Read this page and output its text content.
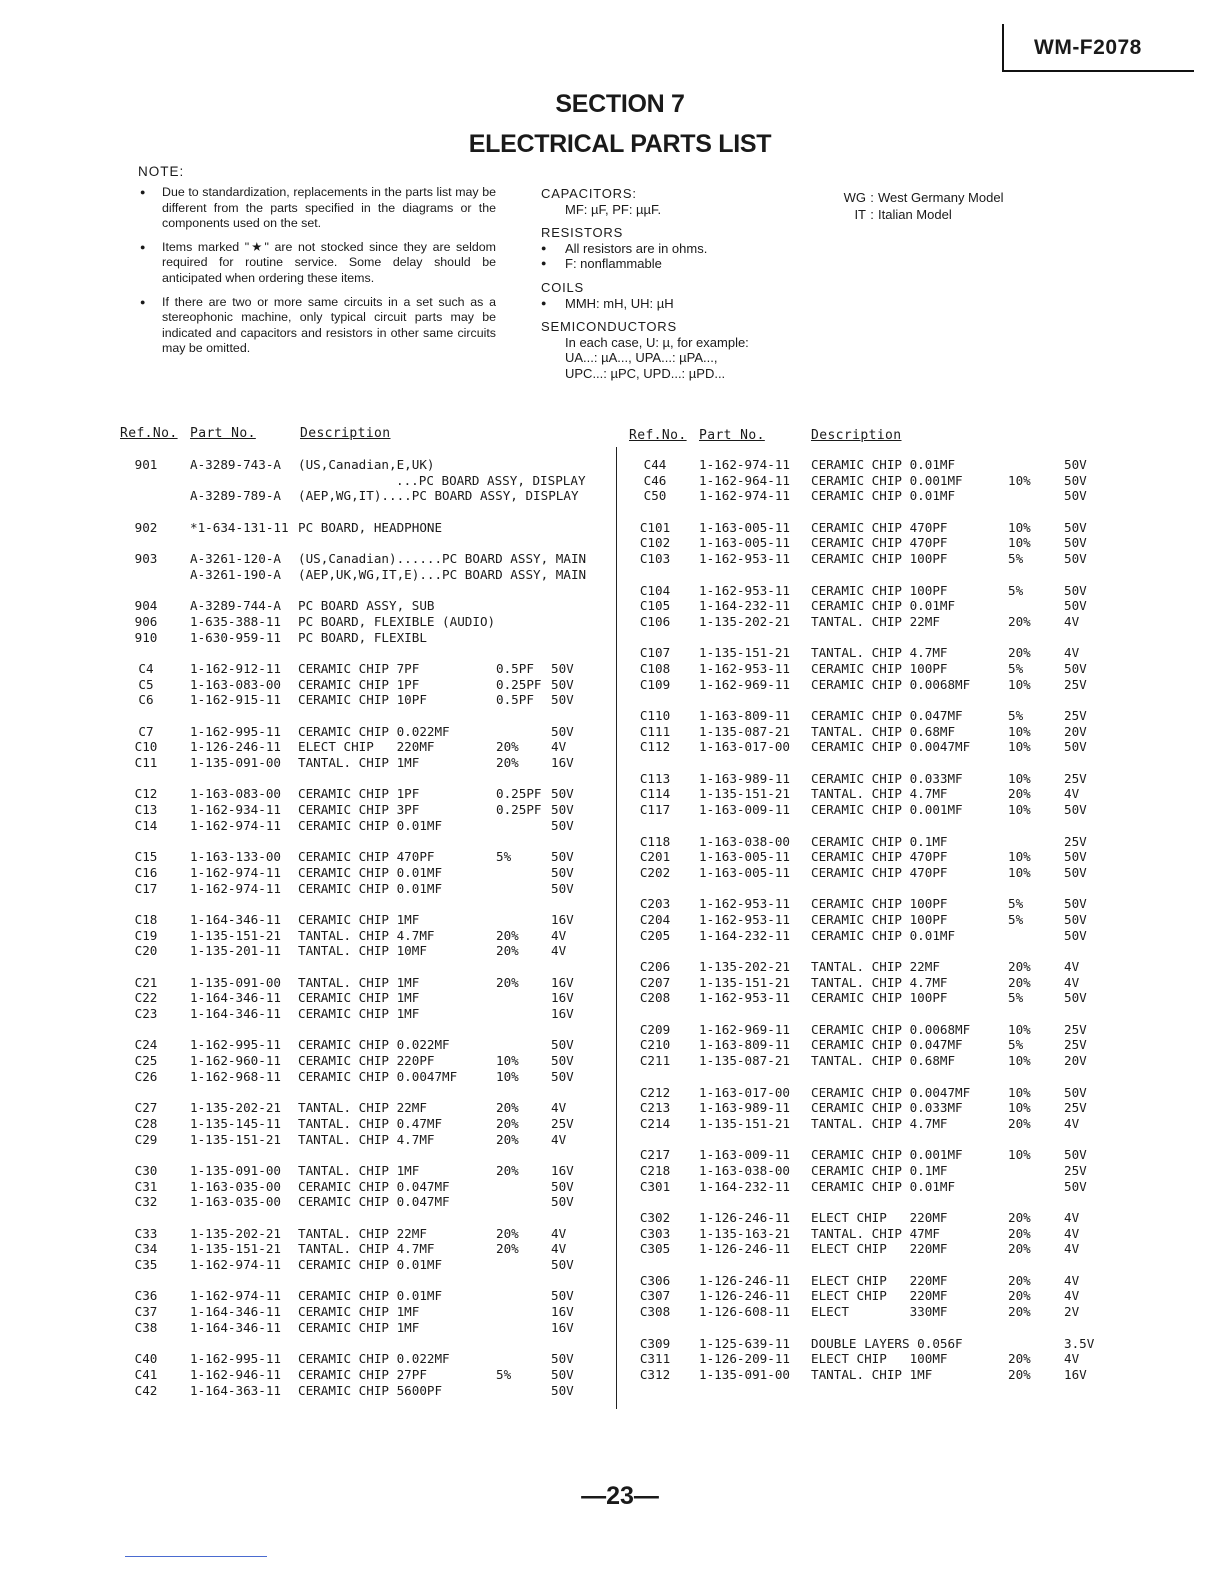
WM-F2078
SECTION 7
ELECTRICAL PARTS LIST
NOTE:
● Due to standardization, replacements in the parts list may be different from the parts specified in the diagrams or the components used on the set.
● Items marked "★" are not stocked since they are seldom required for routine service. Some delay should be anticipated when ordering these items.
● If there are two or more same circuits in a set such as a stereophonic machine, only typical circuit parts may be indicated and capacitors and resistors in other same circuits may be omitted.
CAPACITORS:
MF: µF, PF: µµF.
RESISTORS
● All resistors are in ohms.
● F: nonflammable
COILS
● MMH: mH, UH: µH
SEMICONDUCTORS
In each case, U: µ, for example:
UA...: µA..., UPA...: µPA...,
UPC...: µPC, UPD...: µPD...
WG : West Germany Model
IT : Italian Model
Ref.No. Part No.	Description	Ref.No. Part No.	Description
901	A-3289-743-A (US,Canadian,E,UK)
...PC BOARD ASSY, DISPLAY
A-3289-789-A (AEP,WG,IT)....PC BOARD ASSY, DISPLAY
902	*1-634-131-11 PC BOARD, HEADPHONE
903	A-3261-120-A (US,Canadian)......PC BOARD ASSY, MAIN
A-3261-190-A (AEP,UK,WG,IT,E)...PC BOARD ASSY, MAIN
904	A-3289-744-A PC BOARD ASSY, SUB
906	1-635-388-11 PC BOARD, FLEXIBLE (AUDIO)
910	1-630-959-11 PC BOARD, FLEXIBL
C4	1-162-912-11 CERAMIC CHIP 7PF	0.5PF 50V
C5	1-163-083-00 CERAMIC CHIP 1PF	0.25PF 50V
C6	1-162-915-11 CERAMIC CHIP 10PF	0.5PF 50V
C7	1-162-995-11 CERAMIC CHIP 0.022MF	50V
C10	1-126-246-11 ELECT CHIP   220MF	20%	4V
C11	1-135-091-00 TANTAL. CHIP 1MF	20%	16V
C12	1-163-083-00 CERAMIC CHIP 1PF	0.25PF 50V
C13	1-162-934-11 CERAMIC CHIP 3PF	0.25PF 50V
C14	1-162-974-11 CERAMIC CHIP 0.01MF	50V
C15	1-163-133-00 CERAMIC CHIP 470PF	5%	50V
C16	1-162-974-11 CERAMIC CHIP 0.01MF	50V
C17	1-162-974-11 CERAMIC CHIP 0.01MF	50V
C18	1-164-346-11 CERAMIC CHIP 1MF	16V
C19	1-135-151-21 TANTAL. CHIP 4.7MF	20%	4V
C20	1-135-201-11 TANTAL. CHIP 10MF	20%	4V
C21	1-135-091-00 TANTAL. CHIP 1MF	20%	16V
C22	1-164-346-11 CERAMIC CHIP 1MF	16V
C23	1-164-346-11 CERAMIC CHIP 1MF	16V
C24	1-162-995-11 CERAMIC CHIP 0.022MF	50V
C25	1-162-960-11 CERAMIC CHIP 220PF	10%	50V
C26	1-162-968-11 CERAMIC CHIP 0.0047MF	10%	50V
C27	1-135-202-21 TANTAL. CHIP 22MF	20%	4V
C28	1-135-145-11 TANTAL. CHIP 0.47MF	20%	25V
C29	1-135-151-21 TANTAL. CHIP 4.7MF	20%	4V
C30	1-135-091-00 TANTAL. CHIP 1MF	20%	16V
C31	1-163-035-00 CERAMIC CHIP 0.047MF	50V
C32	1-163-035-00 CERAMIC CHIP 0.047MF	50V
C33	1-135-202-21 TANTAL. CHIP 22MF	20%	4V
C34	1-135-151-21 TANTAL. CHIP 4.7MF	20%	4V
C35	1-162-974-11 CERAMIC CHIP 0.01MF	50V
C36	1-162-974-11 CERAMIC CHIP 0.01MF	50V
C37	1-164-346-11 CERAMIC CHIP 1MF	16V
C38	1-164-346-11 CERAMIC CHIP 1MF	16V
C40	1-162-995-11 CERAMIC CHIP 0.022MF	50V
C41	1-162-946-11 CERAMIC CHIP 27PF	5%	50V
C42	1-164-363-11 CERAMIC CHIP 5600PF	50V
C44	1-162-974-11 CERAMIC CHIP 0.01MF	50V
C46	1-162-964-11 CERAMIC CHIP 0.001MF	10%	50V
C50	1-162-974-11 CERAMIC CHIP 0.01MF	50V
C101	1-163-005-11 CERAMIC CHIP 470PF	10%	50V
C102	1-163-005-11 CERAMIC CHIP 470PF	10%	50V
C103	1-162-953-11 CERAMIC CHIP 100PF	5%	50V
C104	1-162-953-11 CERAMIC CHIP 100PF	5%	50V
C105	1-164-232-11 CERAMIC CHIP 0.01MF	50V
C106	1-135-202-21 TANTAL. CHIP 22MF	20%	4V
C107	1-135-151-21 TANTAL. CHIP 4.7MF	20%	4V
C108	1-162-953-11 CERAMIC CHIP 100PF	5%	50V
C109	1-162-969-11 CERAMIC CHIP 0.0068MF	10%	25V
C110	1-163-809-11 CERAMIC CHIP 0.047MF	5%	25V
C111	1-135-087-21 TANTAL. CHIP 0.68MF	10%	20V
C112	1-163-017-00 CERAMIC CHIP 0.0047MF	10%	50V
C113	1-163-989-11 CERAMIC CHIP 0.033MF	10%	25V
C114	1-135-151-21 TANTAL. CHIP 4.7MF	20%	4V
C117	1-163-009-11 CERAMIC CHIP 0.001MF	10%	50V
C118	1-163-038-00 CERAMIC CHIP 0.1MF	25V
C201	1-163-005-11 CERAMIC CHIP 470PF	10%	50V
C202	1-163-005-11 CERAMIC CHIP 470PF	10%	50V
C203	1-162-953-11 CERAMIC CHIP 100PF	5%	50V
C204	1-162-953-11 CERAMIC CHIP 100PF	5%	50V
C205	1-164-232-11 CERAMIC CHIP 0.01MF	50V
C206	1-135-202-21 TANTAL. CHIP 22MF	20%	4V
C207	1-135-151-21 TANTAL. CHIP 4.7MF	20%	4V
C208	1-162-953-11 CERAMIC CHIP 100PF	5%	50V
C209	1-162-969-11 CERAMIC CHIP 0.0068MF	10%	25V
C210	1-163-809-11 CERAMIC CHIP 0.047MF	5%	25V
C211	1-135-087-21 TANTAL. CHIP 0.68MF	10%	20V
C212	1-163-017-00 CERAMIC CHIP 0.0047MF	10%	50V
C213	1-163-989-11 CERAMIC CHIP 0.033MF	10%	25V
C214	1-135-151-21 TANTAL. CHIP 4.7MF	20%	4V
C217	1-163-009-11 CERAMIC CHIP 0.001MF	10%	50V
C218	1-163-038-00 CERAMIC CHIP 0.1MF	25V
C301	1-164-232-11 CERAMIC CHIP 0.01MF	50V
C302	1-126-246-11 ELECT CHIP   220MF	20%	4V
C303	1-135-163-21 TANTAL. CHIP 47MF	20%	4V
C305	1-126-246-11 ELECT CHIP   220MF	20%	4V
C306	1-126-246-11 ELECT CHIP   220MF	20%	4V
C307	1-126-246-11 ELECT CHIP   220MF	20%	4V
C308	1-126-608-11 ELECT        330MF	20%	2V
C309	1-125-639-11 DOUBLE LAYERS 0.056F	3.5V
C311	1-126-209-11 ELECT CHIP   100MF	20%	4V
C312	1-135-091-00 TANTAL. CHIP 1MF	20%	16V
—23—
